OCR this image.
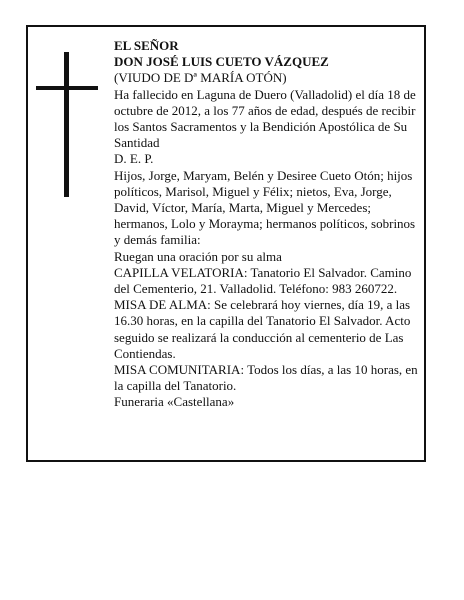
EL SEÑOR

DON JOSÉ LUIS CUETO VÁZQUEZ

(VIUDO DE Dª MARÍA OTÓN)

Ha fallecido en Laguna de Duero (Valladolid) el día 18 de octubre de 2012, a los 77 años de edad, después de recibir los Santos Sacramentos y la Bendición Apostólica de Su Santidad

D. E. P.

Hijos, Jorge, Maryam, Belén y Desiree Cueto Otón; hijos políticos, Marisol, Miguel y Félix; nietos, Eva, Jorge, David, Víctor, María, Marta, Miguel y Mercedes; hermanos, Lolo y Morayma; hermanos políticos, sobrinos y demás familia:

Ruegan una oración por su alma

CAPILLA VELATORIA: Tanatorio El Salvador. Camino del Cementerio, 21. Valladolid. Teléfono: 983 260722.

MISA DE ALMA: Se celebrará hoy viernes, día 19, a las 16.30 horas, en la capilla del Tanatorio El Salvador. Acto seguido se realizará la conducción al cementerio de Las Contiendas.

MISA COMUNITARIA: Todos los días, a las 10 horas, en la capilla del Tanatorio.

Funeraria «Castellana»
